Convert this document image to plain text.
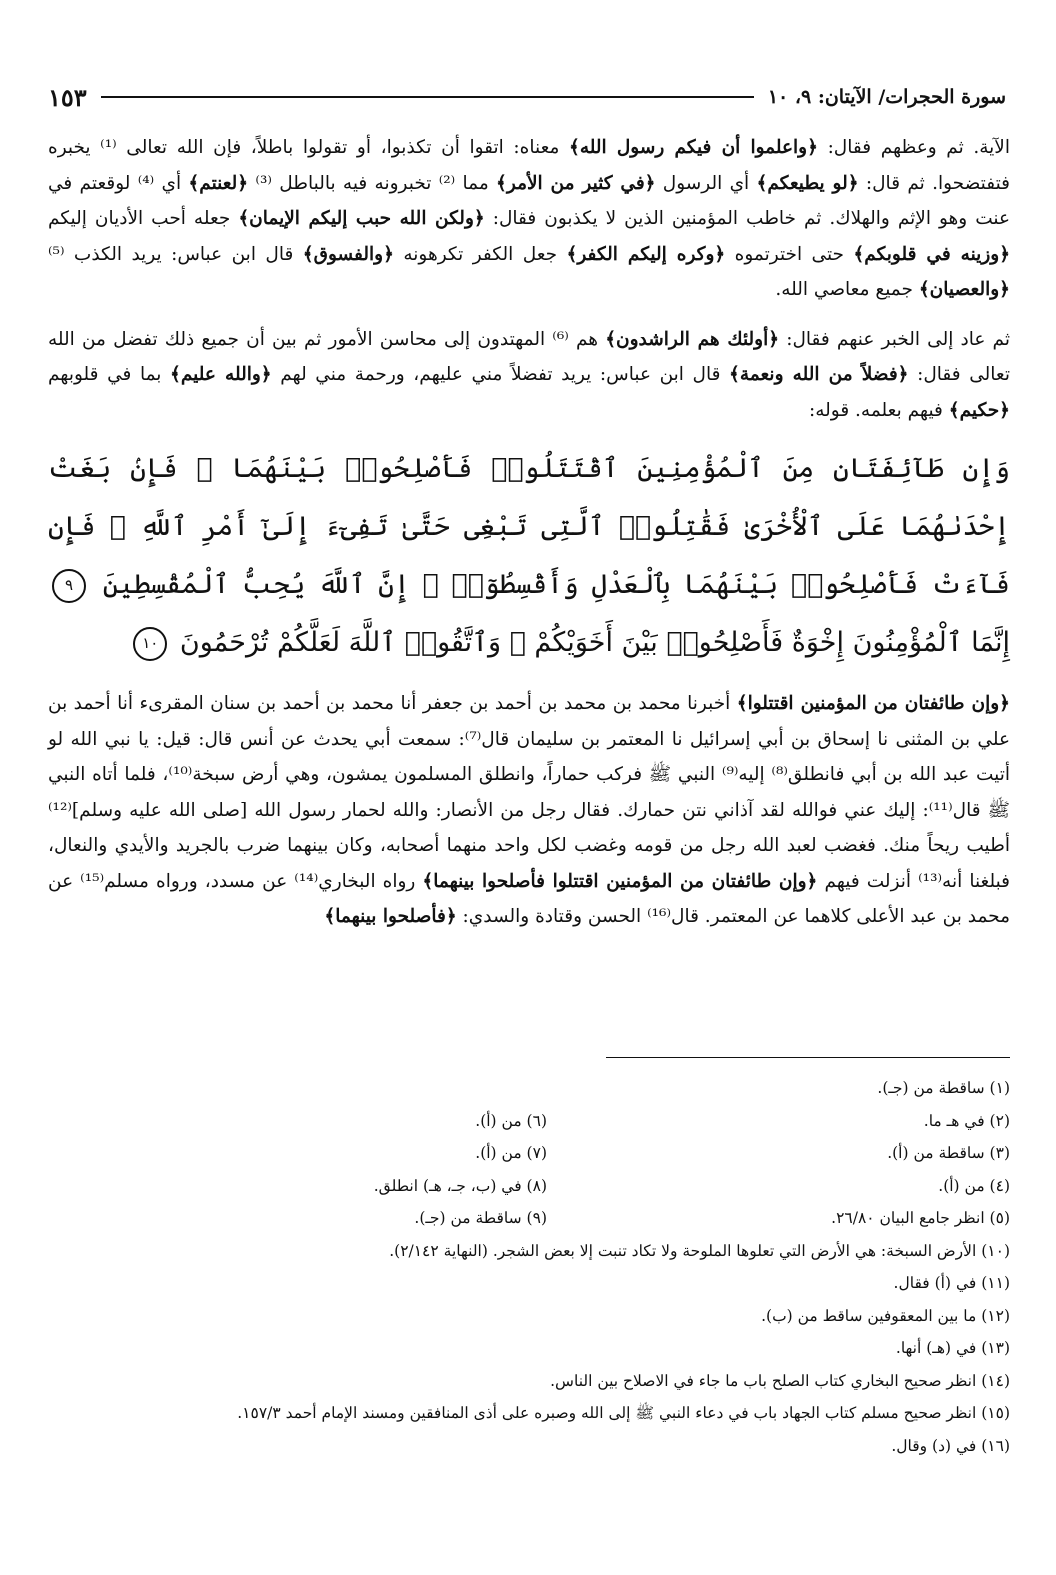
سورة الحجرات/ الآيتان: ٩، ١٠
١٥٣

الآية. ثم وعظهم فقال: ﴿واعلموا أن فيكم رسول الله﴾ معناه: اتقوا أن تكذبوا، أو تقولوا باطلاً، فإن الله تعالى ⁽¹⁾ يخبره فتفتضحوا. ثم قال: ﴿لو يطيعكم﴾ أي الرسول ﴿في كثير من الأمر﴾ مما ⁽²⁾ تخبرونه فيه بالباطل ⁽³⁾ ﴿لعنتم﴾ أي ⁽⁴⁾ لوقعتم في عنت وهو الإثم والهلاك. ثم خاطب المؤمنين الذين لا يكذبون فقال: ﴿ولكن الله حبب إليكم الإيمان﴾ جعله أحب الأديان إليكم ﴿وزينه في قلوبكم﴾ حتى اخترتموه ﴿وكره إليكم الكفر﴾ جعل الكفر تكرهونه ﴿والفسوق﴾ قال ابن عباس: يريد الكذب ⁽⁵⁾ ﴿والعصيان﴾ جميع معاصي الله.

ثم عاد إلى الخبر عنهم فقال: ﴿أولئك هم الراشدون﴾ هم ⁽⁶⁾ المهتدون إلى محاسن الأمور ثم بين أن جميع ذلك تفضل من الله تعالى فقال: ﴿فضلاً من الله ونعمة﴾ قال ابن عباس: يريد تفضلاً مني عليهم، ورحمة مني لهم ﴿والله عليم﴾ بما في قلوبهم ﴿حكيم﴾ فيهم بعلمه. قوله:

وَإِن طَآئِفَتَانِ مِنَ ٱلْمُؤْمِنِينَ ٱقْتَتَلُوا۟ فَأَصْلِحُوا۟ بَيْنَهُمَا ۖ فَإِنۢ بَغَتْ إِحْدَىٰهُمَا عَلَى ٱلْأُخْرَىٰ فَقَٰتِلُوا۟ ٱلَّتِى تَبْغِى حَتَّىٰ تَفِىٓءَ إِلَىٰٓ أَمْرِ ٱللَّهِ ۚ فَإِن فَآءَتْ فَأَصْلِحُوا۟ بَيْنَهُمَا بِٱلْعَدْلِ وَأَقْسِطُوٓا۟ ۖ إِنَّ ٱللَّهَ يُحِبُّ ٱلْمُقْسِطِينَ ٩ إِنَّمَا ٱلْمُؤْمِنُونَ إِخْوَةٌ فَأَصْلِحُوا۟ بَيْنَ أَخَوَيْكُمْ ۚ وَٱتَّقُوا۟ ٱللَّهَ لَعَلَّكُمْ تُرْحَمُونَ ١٠

﴿وإن طائفتان من المؤمنين اقتتلوا﴾ أخبرنا محمد بن محمد بن أحمد بن جعفر أنا محمد بن أحمد بن سنان المقرىء أنا أحمد بن علي بن المثنى نا إسحاق بن أبي إسرائيل نا المعتمر بن سليمان قال⁽⁷⁾: سمعت أبي يحدث عن أنس قال: قيل: يا نبي الله لو أتيت عبد الله بن أبي فانطلق⁽⁸⁾ إليه⁽⁹⁾ النبي ﷺ فركب حماراً، وانطلق المسلمون يمشون، وهي أرض سبخة⁽¹⁰⁾، فلما أتاه النبي ﷺ قال⁽¹¹⁾: إليك عني فوالله لقد آذاني نتن حمارك. فقال رجل من الأنصار: والله لحمار رسول الله [صلى الله عليه وسلم]⁽¹²⁾ أطيب ريحاً منك. فغضب لعبد الله رجل من قومه وغضب لكل واحد منهما أصحابه، وكان بينهما ضرب بالجريد والأيدي والنعال، فبلغنا أنه⁽¹³⁾ أنزلت فيهم ﴿وإن طائفتان من المؤمنين اقتتلوا فأصلحوا بينهما﴾ رواه البخاري⁽¹⁴⁾ عن مسدد، ورواه مسلم⁽¹⁵⁾ عن محمد بن عبد الأعلى كلاهما عن المعتمر. قال⁽¹⁶⁾ الحسن وقتادة والسدي: ﴿فأصلحوا بينهما﴾

(١) ساقطة من (جـ).
(٢) في هـ ما.
(٦) من (أ).
(٣) ساقطة من (أ).
(٧) من (أ).
(٤) من (أ).
(٨) في (ب، جـ، هـ) انطلق.
(٥) انظر جامع البيان ٢٦/٨٠.
(٩) ساقطة من (جـ).
(١٠) الأرض السبخة: هي الأرض التي تعلوها الملوحة ولا تكاد تنبت إلا بعض الشجر. (النهاية ٢/١٤٢).
(١١) في (أ) فقال.
(١٢) ما بين المعقوفين ساقط من (ب).
(١٣) في (هـ) أنها.
(١٤) انظر صحيح البخاري كتاب الصلح باب ما جاء في الاصلاح بين الناس.
(١٥) انظر صحيح مسلم كتاب الجهاد باب في دعاء النبي ﷺ إلى الله وصبره على أذى المنافقين ومسند الإمام أحمد ١٥٧/٣.
(١٦) في (د) وقال.
